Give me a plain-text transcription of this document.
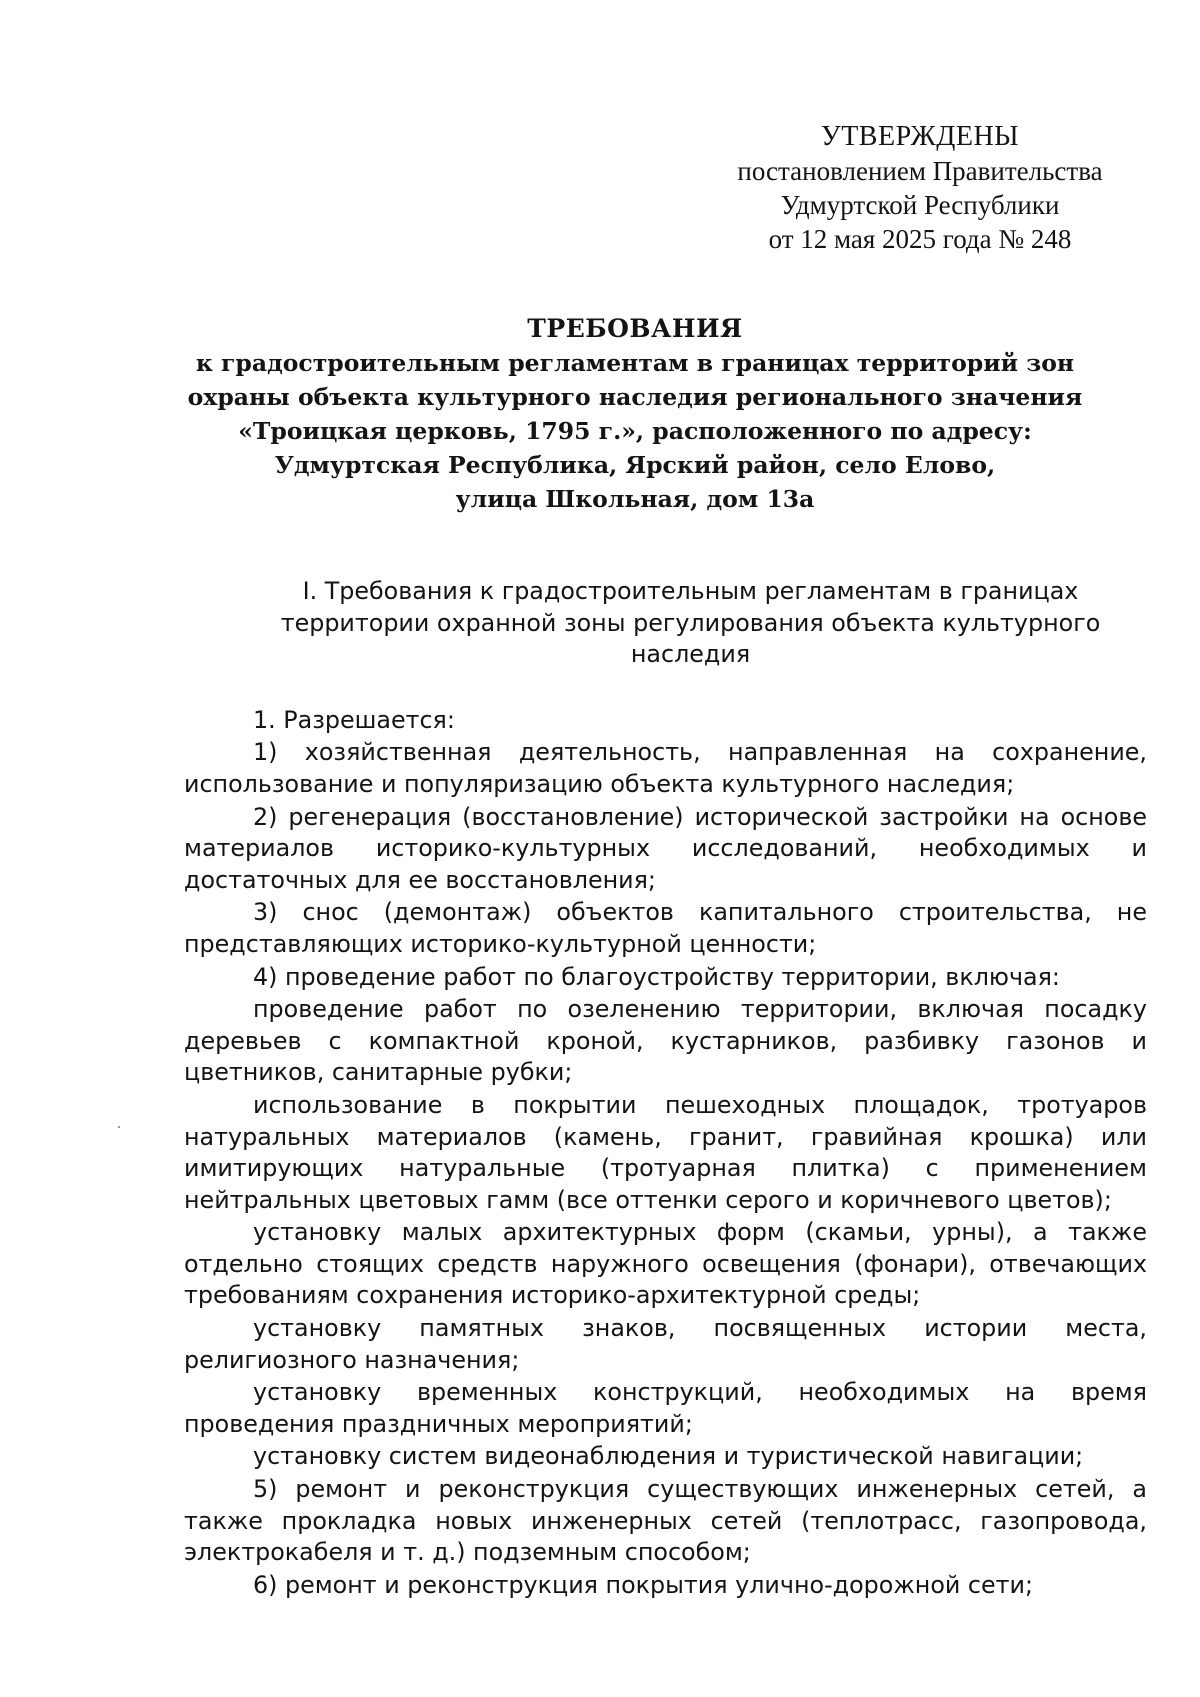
УТВЕРЖДЕНЫ
постановлением Правительства
Удмуртской Республики
от 12 мая 2025 года № 248
ТРЕБОВАНИЯ
к градостроительным регламентам в границах территорий зон
охраны объекта культурного наследия регионального значения
«Троицкая церковь, 1795 г.», расположенного по адресу:
Удмуртская Республика, Ярский район, село Елово,
улица Школьная, дом 13а
I. Требования к градостроительным регламентам в границах территории охранной зоны регулирования объекта культурного наследия
1. Разрешается:
1) хозяйственная деятельность, направленная на сохранение, использование и популяризацию объекта культурного наследия;
2) регенерация (восстановление) исторической застройки на основе материалов историко-культурных исследований, необходимых и достаточных для ее восстановления;
3) снос (демонтаж) объектов капитального строительства, не представляющих историко-культурной ценности;
4) проведение работ по благоустройству территории, включая:
проведение работ по озеленению территории, включая посадку деревьев с компактной кроной, кустарников, разбивку газонов и цветников, санитарные рубки;
использование в покрытии пешеходных площадок, тротуаров натуральных материалов (камень, гранит, гравийная крошка) или имитирующих натуральные (тротуарная плитка) с применением нейтральных цветовых гамм (все оттенки серого и коричневого цветов);
установку малых архитектурных форм (скамьи, урны), а также отдельно стоящих средств наружного освещения (фонари), отвечающих требованиям сохранения историко-архитектурной среды;
установку памятных знаков, посвященных истории места, религиозного назначения;
установку временных конструкций, необходимых на время проведения праздничных мероприятий;
установку систем видеонаблюдения и туристической навигации;
5) ремонт и реконструкция существующих инженерных сетей, а также прокладка новых инженерных сетей (теплотрасс, газопровода, электрокабеля и т. д.) подземным способом;
6) ремонт и реконструкция покрытия улично-дорожной сети;
